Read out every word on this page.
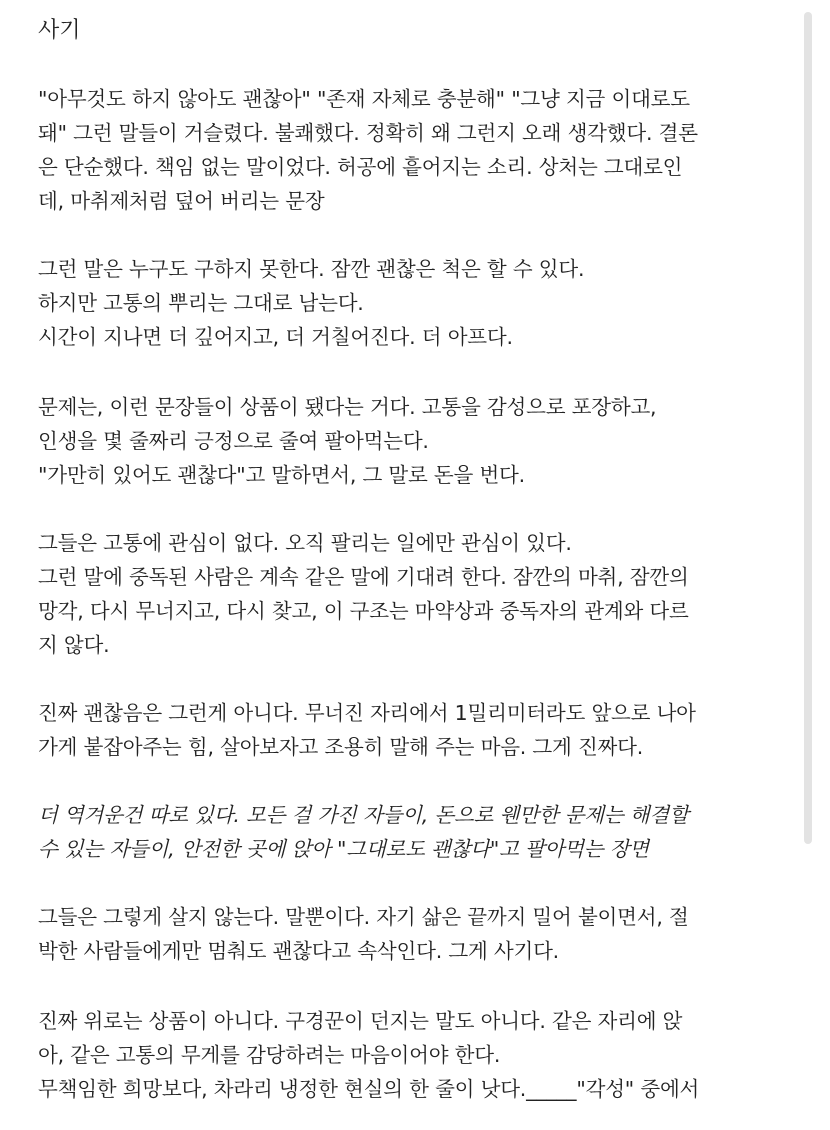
사기
"아무것도 하지 않아도 괜찮아" "존재 자체로 충분해" "그냥 지금 이대로도
돼" 그런 말들이 거슬렸다. 불쾌했다. 정확히 왜 그런지 오래 생각했다. 결론
은 단순했다. 책임 없는 말이었다. 허공에 흩어지는 소리. 상처는 그대로인
데, 마취제처럼 덮어 버리는 문장
그런 말은 누구도 구하지 못한다. 잠깐 괜찮은 척은 할 수 있다.
하지만 고통의 뿌리는 그대로 남는다.
시간이 지나면 더 깊어지고, 더 거칠어진다. 더 아프다.
문제는, 이런 문장들이 상품이 됐다는 거다. 고통을 감성으로 포장하고,
인생을 몇 줄짜리 긍정으로 줄여 팔아먹는다.
"가만히 있어도 괜찮다"고 말하면서, 그 말로 돈을 번다.
그들은 고통에 관심이 없다. 오직 팔리는 일에만 관심이 있다.
그런 말에 중독된 사람은 계속 같은 말에 기대려 한다. 잠깐의 마취, 잠깐의
망각, 다시 무너지고, 다시 찾고, 이 구조는 마약상과 중독자의 관계와 다르
지 않다.
진짜 괜찮음은 그런게 아니다. 무너진 자리에서 1밀리미터라도 앞으로 나아
가게 붙잡아주는 힘, 살아보자고 조용히 말해 주는 마음. 그게 진짜다.
더 역겨운건 따로 있다. 모든 걸 가진 자들이, 돈으로 웬만한 문제는 해결할
수 있는 자들이, 안전한 곳에 앉아 "그대로도 괜찮다"고 팔아먹는 장면
그들은 그렇게 살지 않는다. 말뿐이다. 자기 삶은 끝까지 밀어 붙이면서, 절
박한 사람들에게만 멈춰도 괜찮다고 속삭인다. 그게 사기다.
진짜 위로는 상품이 아니다. 구경꾼이 던지는 말도 아니다. 같은 자리에 앉
아, 같은 고통의 무게를 감당하려는 마음이어야 한다.
무책임한 희망보다, 차라리 냉정한 현실의 한 줄이 낫다._____"각성" 중에서
